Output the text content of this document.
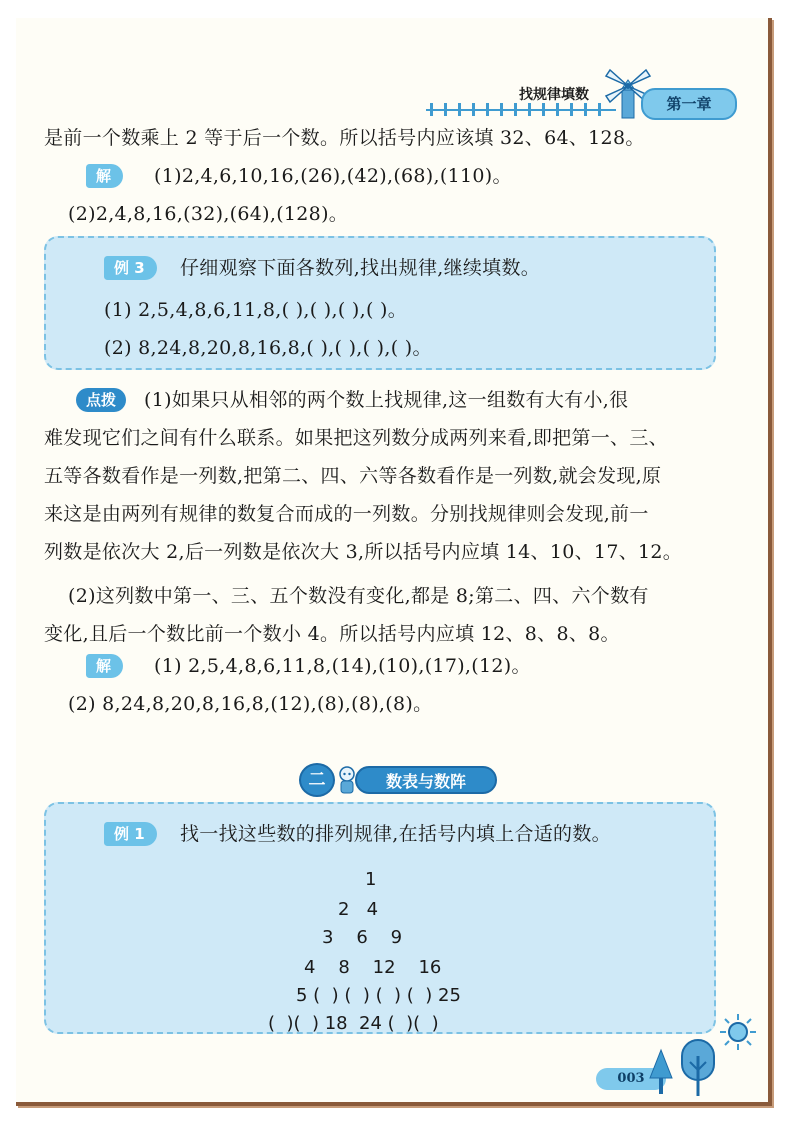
找规律填数	第一章
是前一个数乘上 2 等于后一个数。所以括号内应该填 32、64、128。
解	(1)2,4,6,10,16,(26),(42),(68),(110)。
(2)2,4,8,16,(32),(64),(128)。
例 3	仔细观察下面各数列,找出规律,继续填数。
(1) 2,5,4,8,6,11,8,( ),( ),( ),( )。
(2) 8,24,8,20,8,16,8,( ),( ),( ),( )。
点拨	(1)如果只从相邻的两个数上找规律,这一组数有大有小,很
难发现它们之间有什么联系。如果把这列数分成两列来看,即把第一、三、
五等各数看作是一列数,把第二、四、六等各数看作是一列数,就会发现,原
来这是由两列有规律的数复合而成的一列数。分别找规律则会发现,前一
列数是依次大 2,后一列数是依次大 3,所以括号内应填 14、10、17、12。
(2)这列数中第一、三、五个数没有变化,都是 8;第二、四、六个数有
变化,且后一个数比前一个数小 4。所以括号内应填 12、8、8、8。
解	(1) 2,5,4,8,6,11,8,(14),(10),(17),(12)。
(2) 8,24,8,20,8,16,8,(12),(8),(8),(8)。
二	数表与数阵
例 1	找一找这些数的排列规律,在括号内填上合适的数。
1
2   4
3    6    9
4    8    12    16
5 (  ) (  ) (  ) (  ) 25
(  )(  ) 18  24 (  )(  )
003
